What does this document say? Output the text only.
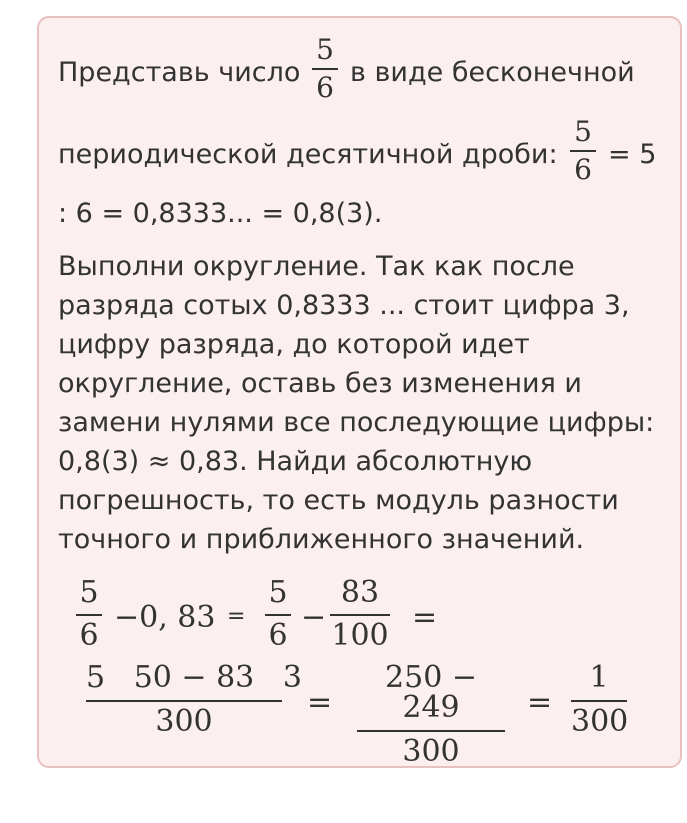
Представь число
5
6 в виде бесконечной
периодической десятичной дроби:
5
6 = 5
: 6 = 0,8333... = 0,8(3).
Выполни округление. Так как после
разряда сотых 0,8333 ... стоит цифра 3,
цифру разряда, до которой идет
округление, оставь без изменения и
замени нулями все последующие цифры:
0,8(3) ≈ 0,83. Найди абсолютную
погрешность, то есть модуль разности
точного и приближенного значений.
5
6
−0, 83 =
5
6
−
83
100
=
5   50 − 83   3
300
=
250 − 249
300
=
1
300
